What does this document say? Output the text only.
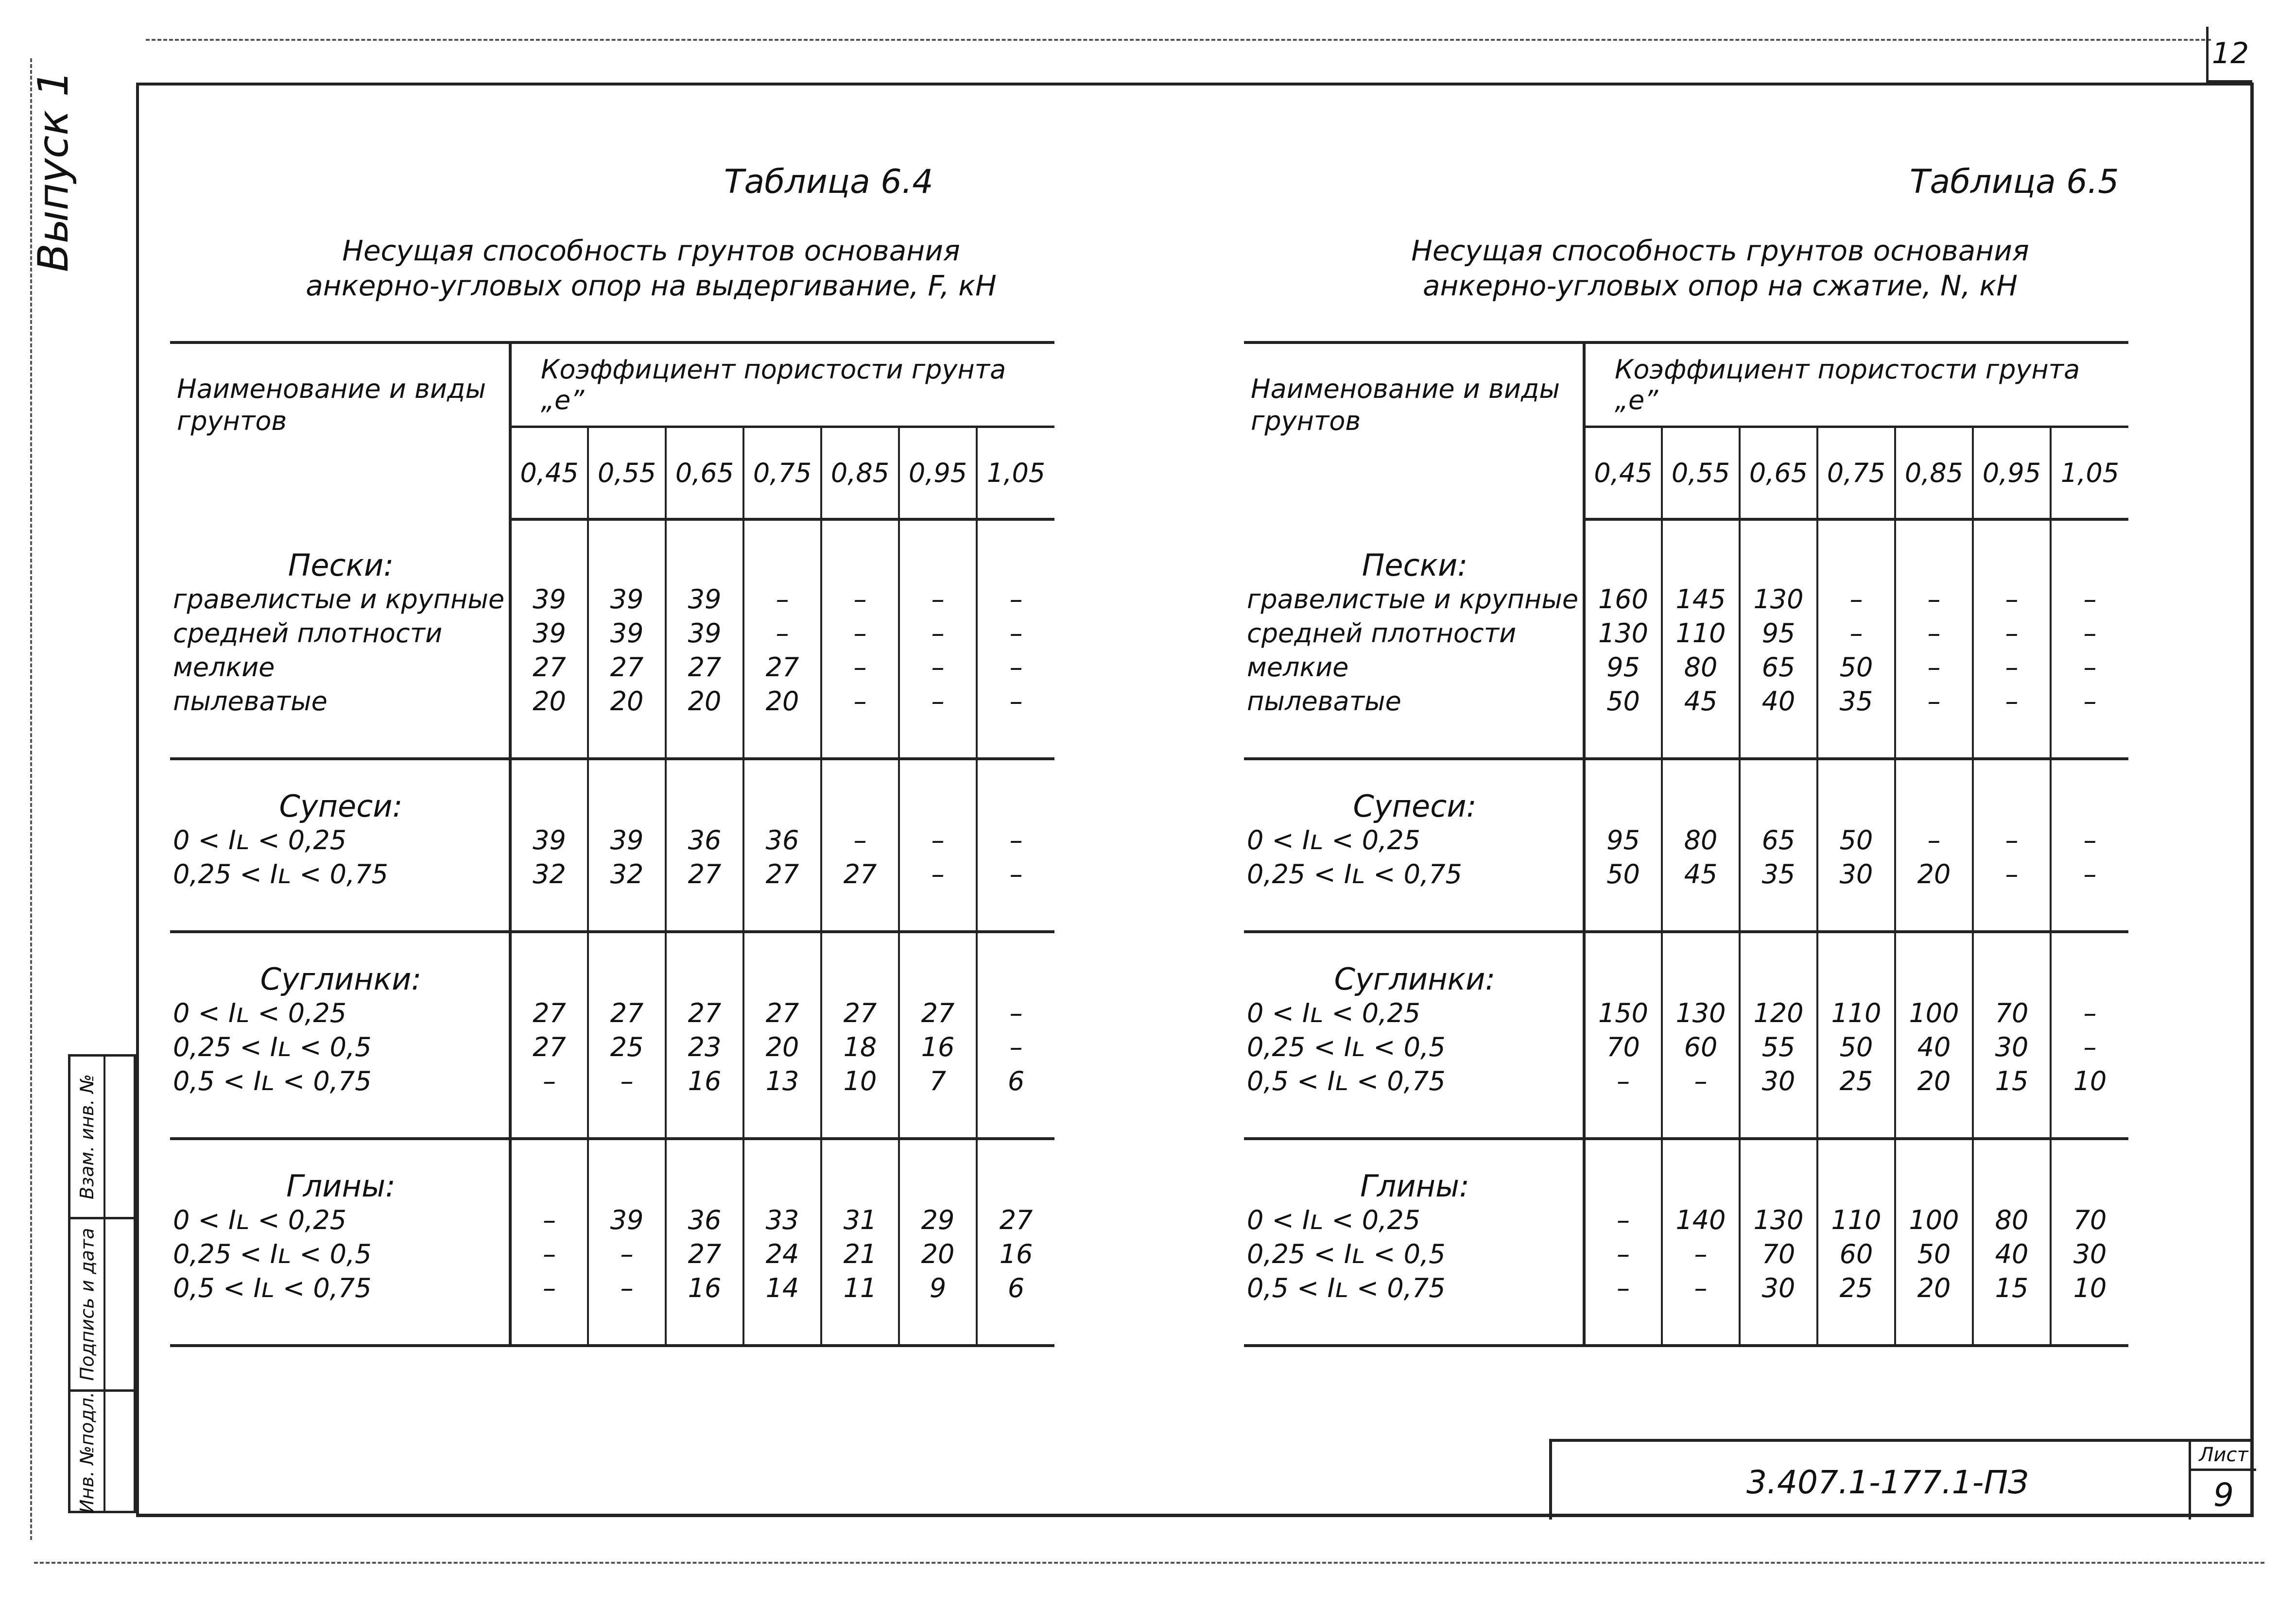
12
Выпуск 1
Взам. инв. №
Подпись и дата
Инв. №подл.
Таблица 6.4
Несущая способность грунтов основания
анкерно-угловых опор на выдергивание, F, кН
Таблица 6.5
Несущая способность грунтов основания
анкерно-угловых опор на сжатие, N, кН
Наименование и виды грунтов	Коэффициент пористости грунта „е”						
	0,45	0,55	0,65	0,75	0,85	0,95	1,05

Пески:							

гравелистые и крупные	39	39	39	–	–	–	–
средней плотности	39	39	39	–	–	–	–
мелкие	27	27	27	27	–	–	–
пылеватые	20	20	20	20	–	–	–

Супеси:							

0 < Iʟ < 0,25	39	39	36	36	–	–	–
0,25 < Iʟ < 0,75	32	32	27	27	27	–	–

Суглинки:							

0 < Iʟ < 0,25	27	27	27	27	27	27	–
0,25 < Iʟ < 0,5	27	25	23	20	18	16	–
0,5 < Iʟ < 0,75	–	–	16	13	10	7	6

Глины:							

0 < Iʟ < 0,25	–	39	36	33	31	29	27
0,25 < Iʟ < 0,5	–	–	27	24	21	20	16
0,5 < Iʟ < 0,75	–	–	16	14	11	9	6
Наименование и виды грунтов	Коэффициент пористости грунта „е”						
	0,45	0,55	0,65	0,75	0,85	0,95	1,05

Пески:							

гравелистые и крупные	160	145	130	–	–	–	–
средней плотности	130	110	95	–	–	–	–
мелкие	95	80	65	50	–	–	–
пылеватые	50	45	40	35	–	–	–

Супеси:							

0 < Iʟ < 0,25	95	80	65	50	–	–	–
0,25 < Iʟ < 0,75	50	45	35	30	20	–	–

Суглинки:							

0 < Iʟ < 0,25	150	130	120	110	100	70	–
0,25 < Iʟ < 0,5	70	60	55	50	40	30	–
0,5 < Iʟ < 0,75	–	–	30	25	20	15	10

Глины:							

0 < Iʟ < 0,25	–	140	130	110	100	80	70
0,25 < Iʟ < 0,5	–	–	70	60	50	40	30
0,5 < Iʟ < 0,75	–	–	30	25	20	15	10
3.407.1-177.1-ПЗ
Лист
9
